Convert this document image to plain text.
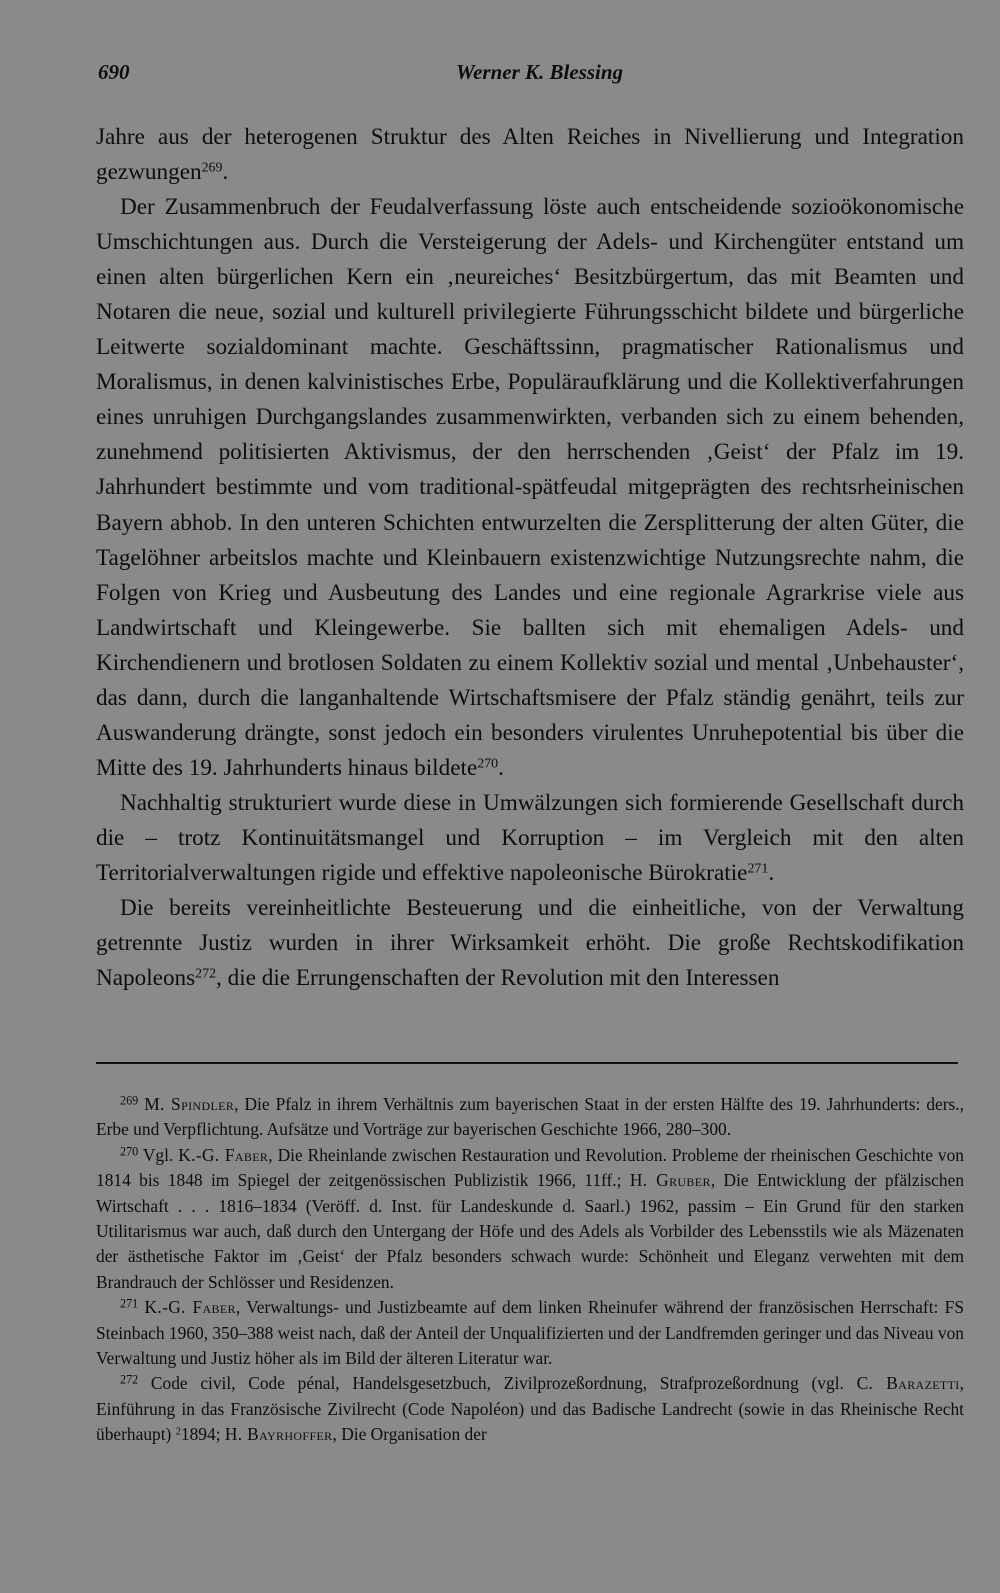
690	Werner K. Blessing

Jahre aus der heterogenen Struktur des Alten Reiches in Nivellierung und Integration gezwungen$^{269}$.

Der Zusammenbruch der Feudalverfassung löste auch entscheidende sozioökonomische Umschichtungen aus. Durch die Versteigerung der Adels- und Kirchengüter entstand um einen alten bürgerlichen Kern ein ‚neureiches‘ Besitzbürgertum, das mit Beamten und Notaren die neue, sozial und kulturell privilegierte Führungsschicht bildete und bürgerliche Leitwerte sozialdominant machte. Geschäftssinn, pragmatischer Rationalismus und Moralismus, in denen kalvinistisches Erbe, Populäraufklärung und die Kollektiverfahrungen eines unruhigen Durchgangslandes zusammenwirkten, verbanden sich zu einem behenden, zunehmend politisierten Aktivismus, der den herrschenden ‚Geist‘ der Pfalz im 19. Jahrhundert bestimmte und vom traditional-spätfeudal mitgeprägten des rechtsrheinischen Bayern abhob. In den unteren Schichten entwurzelten die Zersplitterung der alten Güter, die Tagelöhner arbeitslos machte und Kleinbauern existenzwichtige Nutzungsrechte nahm, die Folgen von Krieg und Ausbeutung des Landes und eine regionale Agrarkrise viele aus Landwirtschaft und Kleingewerbe. Sie ballten sich mit ehemaligen Adels- und Kirchendienern und brotlosen Soldaten zu einem Kollektiv sozial und mental ‚Unbehauster‘, das dann, durch die langanhaltende Wirtschaftsmisere der Pfalz ständig genährt, teils zur Auswanderung drängte, sonst jedoch ein besonders virulentes Unruhepotential bis über die Mitte des 19. Jahrhunderts hinaus bildete$^{270}$.

Nachhaltig strukturiert wurde diese in Umwälzungen sich formierende Gesellschaft durch die – trotz Kontinuitätsmangel und Korruption – im Vergleich mit den alten Territorialverwaltungen rigide und effektive napoleonische Bürokratie$^{271}$.

Die bereits vereinheitlichte Besteuerung und die einheitliche, von der Verwaltung getrennte Justiz wurden in ihrer Wirksamkeit erhöht. Die große Rechtskodifikation Napoleons$^{272}$, die die Errungenschaften der Revolution mit den Interessen

$^{269}$ M. Spindler, Die Pfalz in ihrem Verhältnis zum bayerischen Staat in der ersten Hälfte des 19. Jahrhunderts: ders., Erbe und Verpflichtung. Aufsätze und Vorträge zur bayerischen Geschichte 1966, 280–300.

$^{270}$ Vgl. K.-G. Faber, Die Rheinlande zwischen Restauration und Revolution. Probleme der rheinischen Geschichte von 1814 bis 1848 im Spiegel der zeitgenössischen Publizistik 1966, 11ff.; H. Gruber, Die Entwicklung der pfälzischen Wirtschaft . . . 1816–1834 (Veröff. d. Inst. für Landeskunde d. Saarl.) 1962, passim – Ein Grund für den starken Utilitarismus war auch, daß durch den Untergang der Höfe und des Adels als Vorbilder des Lebensstils wie als Mäzenaten der ästhetische Faktor im ‚Geist‘ der Pfalz besonders schwach wurde: Schönheit und Eleganz verwehten mit dem Brandrauch der Schlösser und Residenzen.

$^{271}$ K.-G. Faber, Verwaltungs- und Justizbeamte auf dem linken Rheinufer während der französischen Herrschaft: FS Steinbach 1960, 350–388 weist nach, daß der Anteil der Unqualifizierten und der Landfremden geringer und das Niveau von Verwaltung und Justiz höher als im Bild der älteren Literatur war.

$^{272}$ Code civil, Code pénal, Handelsgesetzbuch, Zivilprozeßordnung, Strafprozeßordnung (vgl. C. Barazetti, Einführung in das Französische Zivilrecht (Code Napoléon) und das Badische Landrecht (sowie in das Rheinische Recht überhaupt) $^2$1894; H. Bayrhoffer, Die Organisation der
